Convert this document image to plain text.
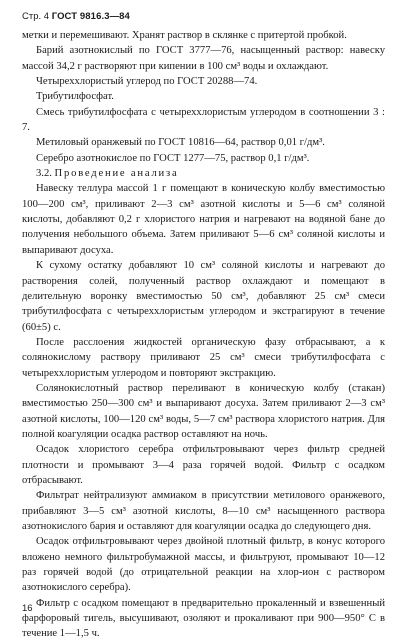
Стр. 4 ГОСТ 9816.3—84

метки и перемешивают. Хранят раствор в склянке с притертой пробкой.

Барий азотнокислый по ГОСТ 3777—76, насыщенный раствор: навеску массой 34,2 г растворяют при кипении в 100 см³ воды и охлаждают.

Четыреххлористый углерод по ГОСТ 20288—74.

Трибутилфосфат.

Смесь трибутилфосфата с четыреххлористым углеродом в соотношении 3 : 7.

Метиловый оранжевый по ГОСТ 10816—64, раствор 0,01 г/дм³.

Серебро азотнокислое по ГОСТ 1277—75, раствор 0,1 г/дм³.

3.2. Проведение анализа

Навеску теллура массой 1 г помещают в коническую колбу вместимостью 100—200 см³, приливают 2—3 см³ азотной кислоты и 5—6 см³ соляной кислоты, добавляют 0,2 г хлористого натрия и нагревают на водяной бане до получения небольшого объема. Затем приливают 5—6 см³ соляной кислоты и выпаривают досуха.

К сухому остатку добавляют 10 см³ соляной кислоты и нагревают до растворения солей, полученный раствор охлаждают и помещают в делительную воронку вместимостью 50 см³, добавляют 25 см³ смеси трибутилфосфата с четыреххлористым углеродом и экстрагируют в течение (60±5) с.

После расслоения жидкостей органическую фазу отбрасывают, а к солянокислому раствору приливают 25 см³ смеси трибутилфосфата с четыреххлористым углеродом и повторяют экстракцию.

Солянокислотный раствор переливают в коническую колбу (стакан) вместимостью 250—300 см³ и выпаривают досуха. Затем приливают 2—3 см³ азотной кислоты, 100—120 см³ воды, 5—7 см³ раствора хлористого натрия. Для полной коагуляции осадка раствор оставляют на ночь.

Осадок хлористого серебра отфильтровывают через фильтр средней плотности и промывают 3—4 раза горячей водой. Фильтр с осадком отбрасывают.

Фильтрат нейтрализуют аммиаком в присутствии метилового оранжевого, прибавляют 3—5 см³ азотной кислоты, 8—10 см³ насыщенного раствора азотнокислого бария и оставляют для коагуляции осадка до следующего дня.

Осадок отфильтровывают через двойной плотный фильтр, в конус которого вложено немного фильтробумажной массы, и фильтруют, промывают 10—12 раз горячей водой (до отрицательной реакции на хлор-ион с раствором азотнокислого серебра).

Фильтр с осадком помещают в предварительно прокаленный и взвешенный фарфоровый тигель, высушивают, озоляют и прокаливают при 900—950° С в течение 1—1,5 ч.

16
